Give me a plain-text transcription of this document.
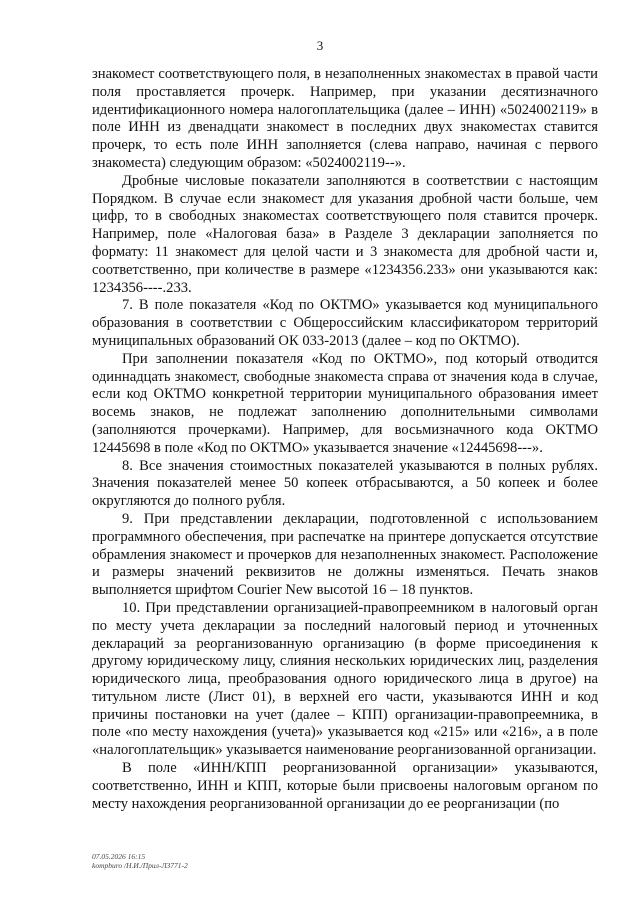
3

знакомест соответствующего поля, в незаполненных знакоместах в правой части поля проставляется прочерк. Например, при указании десятизначного идентификационного номера налогоплательщика (далее – ИНН) «5024002119» в поле ИНН из двенадцати знакомест в последних двух знакоместах ставится прочерк, то есть поле ИНН заполняется (слева направо, начиная с первого знакоместа) следующим образом: «5024002119--».

Дробные числовые показатели заполняются в соответствии с настоящим Порядком. В случае если знакомест для указания дробной части больше, чем цифр, то в свободных знакоместах соответствующего поля ставится прочерк. Например, поле «Налоговая база» в Разделе 3 декларации заполняется по формату: 11 знакомест для целой части и 3 знакоместа для дробной части и, соответственно, при количестве в размере «1234356.233» они указываются как: 1234356----.233.

7. В поле показателя «Код по ОКТМО» указывается код муниципального образования в соответствии с Общероссийским классификатором территорий муниципальных образований ОК 033-2013 (далее – код по ОКТМО).

При заполнении показателя «Код по ОКТМО», под который отводится одиннадцать знакомест, свободные знакоместа справа от значения кода в случае, если код ОКТМО конкретной территории муниципального образования имеет восемь знаков, не подлежат заполнению дополнительными символами (заполняются прочерками). Например, для восьмизначного кода ОКТМО 12445698 в поле «Код по ОКТМО» указывается значение «12445698---».

8. Все значения стоимостных показателей указываются в полных рублях. Значения показателей менее 50 копеек отбрасываются, а 50 копеек и более округляются до полного рубля.

9. При представлении декларации, подготовленной с использованием программного обеспечения, при распечатке на принтере допускается отсутствие обрамления знакомест и прочерков для незаполненных знакомест. Расположение и размеры значений реквизитов не должны изменяться. Печать знаков выполняется шрифтом Courier New высотой 16 – 18 пунктов.

10. При представлении организацией-правопреемником в налоговый орган по месту учета декларации за последний налоговый период и уточненных деклараций за реорганизованную организацию (в форме присоединения к другому юридическому лицу, слияния нескольких юридических лиц, разделения юридического лица, преобразования одного юридического лица в другое) на титульном листе (Лист 01), в верхней его части, указываются ИНН и код причины постановки на учет (далее – КПП) организации-правопреемника, в поле «по месту нахождения (учета)» указывается код «215» или «216», а в поле «налогоплательщик» указывается наименование реорганизованной организации.

В поле «ИНН/КПП реорганизованной организации» указываются, соответственно, ИНН и КПП, которые были присвоены налоговым органом по месту нахождения реорганизованной организации до ее реорганизации (по

07.05.2026 16:15
kompburo /Н.И./Прил-ЛЗ771-2
